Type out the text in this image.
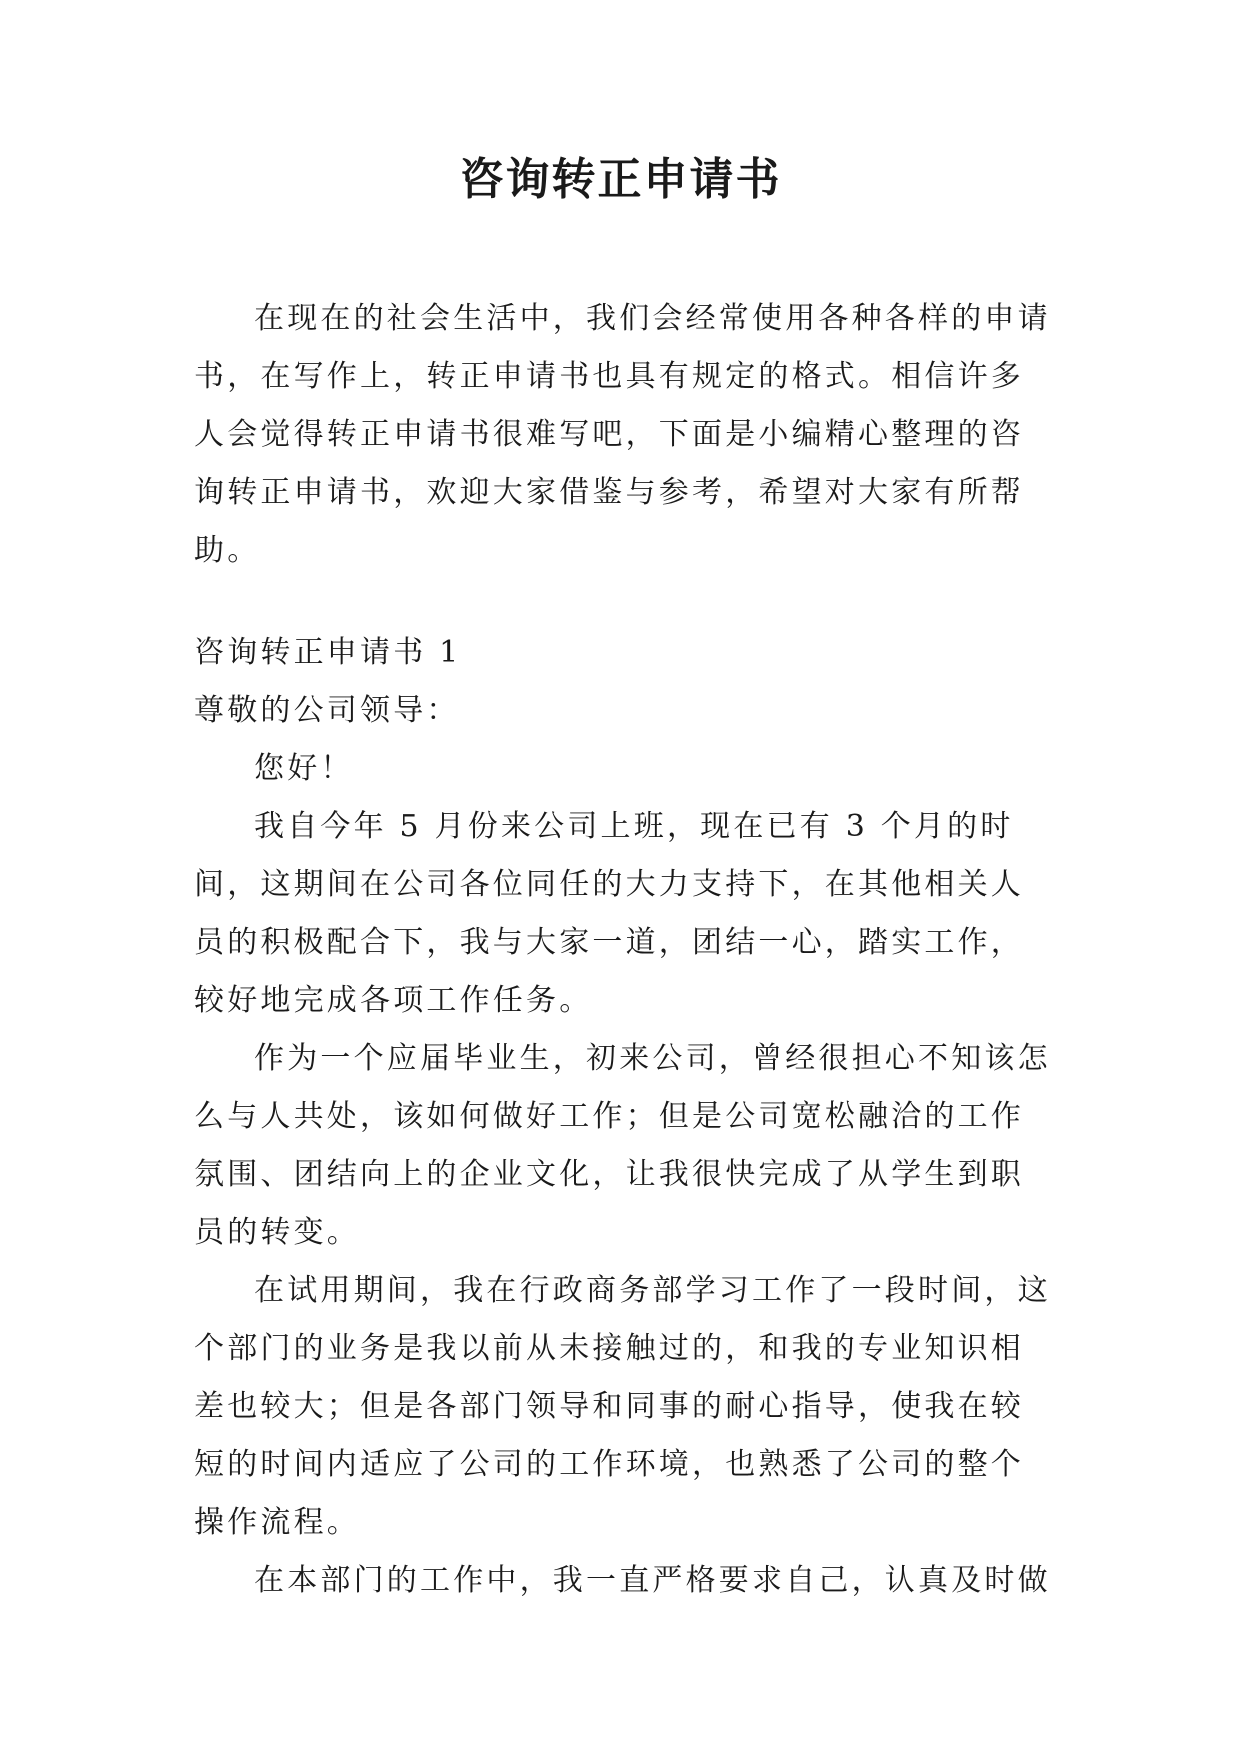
咨询转正申请书

在现在的社会生活中，我们会经常使用各种各样的申请书，在写作上，转正申请书也具有规定的格式。相信许多人会觉得转正申请书很难写吧，下面是小编精心整理的咨询转正申请书，欢迎大家借鉴与参考，希望对大家有所帮助。

咨询转正申请书 1

尊敬的公司领导：

您好！

我自今年 5 月份来公司上班，现在已有 3 个月的时间，这期间在公司各位同任的大力支持下，在其他相关人员的积极配合下，我与大家一道，团结一心，踏实工作，较好地完成各项工作任务。

作为一个应届毕业生，初来公司，曾经很担心不知该怎么与人共处，该如何做好工作；但是公司宽松融洽的工作氛围、团结向上的企业文化，让我很快完成了从学生到职员的转变。

在试用期间，我在行政商务部学习工作了一段时间，这个部门的业务是我以前从未接触过的，和我的专业知识相差也较大；但是各部门领导和同事的耐心指导，使我在较短的时间内适应了公司的工作环境，也熟悉了公司的整个操作流程。

在本部门的工作中，我一直严格要求自己，认真及时做
